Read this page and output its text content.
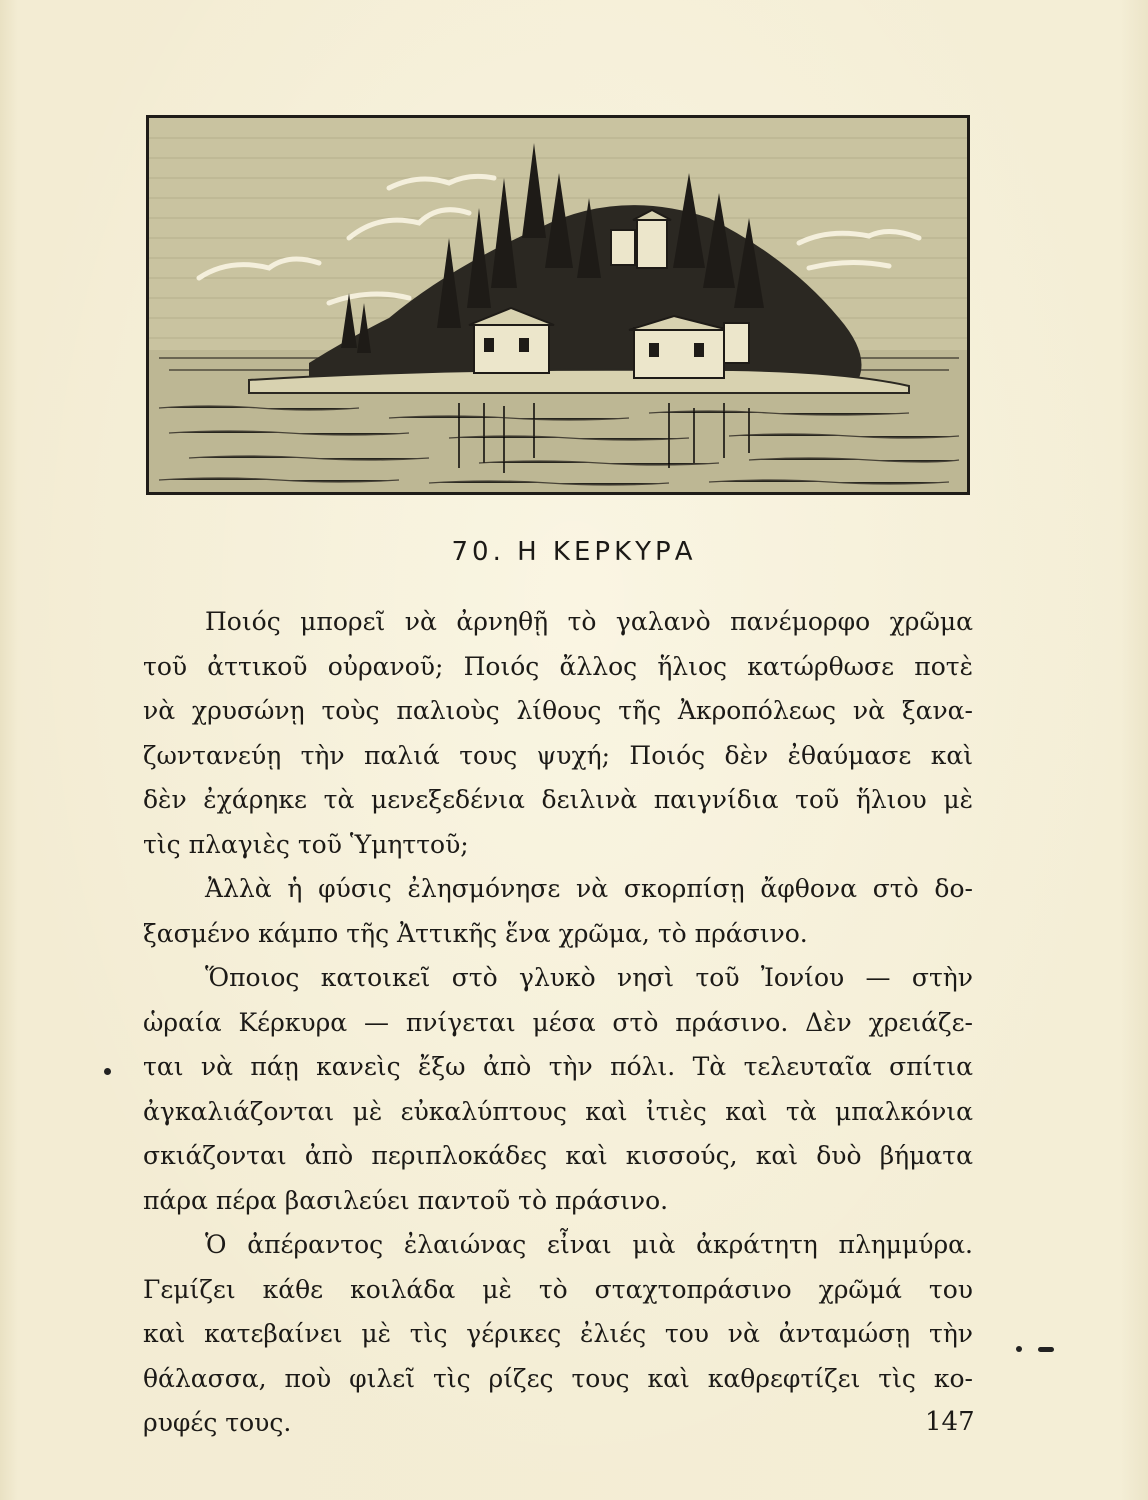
70. Η ΚΕΡΚΥΡΑ

Ποιός μπορεῖ νὰ ἀρνηθῇ τὸ γαλανὸ πανέμορφο χρῶμα
τοῦ ἀττικοῦ οὐρανοῦ; Ποιός ἄλλος ἥλιος κατώρθωσε ποτὲ
νὰ χρυσώνῃ τοὺς παλιοὺς λίθους τῆς Ἀκροπόλεως νὰ ξανα-
ζωντανεύῃ τὴν παλιά τους ψυχή; Ποιός δὲν ἐθαύμασε καὶ
δὲν ἐχάρηκε τὰ μενεξεδένια δειλινὰ παιγνίδια τοῦ ἥλιου μὲ
τὶς πλαγιὲς τοῦ Ὑμηττοῦ;

Ἀλλὰ ἡ φύσις ἐλησμόνησε νὰ σκορπίσῃ ἄφθονα στὸ δο-
ξασμένο κάμπο τῆς Ἀττικῆς ἕνα χρῶμα, τὸ πράσινο.

Ὅποιος κατοικεῖ στὸ γλυκὸ νησὶ τοῦ Ἰονίου — στὴν
ὡραία Κέρκυρα — πνίγεται μέσα στὸ πράσινο. Δὲν χρειάζε-
ται νὰ πάῃ κανεὶς ἔξω ἀπὸ τὴν πόλι. Τὰ τελευταῖα σπίτια
ἀγκαλιάζονται μὲ εὐκαλύπτους καὶ ἰτιὲς καὶ τὰ μπαλκόνια
σκιάζονται ἀπὸ περιπλοκάδες καὶ κισσούς, καὶ δυὸ βήματα
πάρα πέρα βασιλεύει παντοῦ τὸ πράσινο.

Ὁ ἀπέραντος ἐλαιώνας εἶναι μιὰ ἀκράτητη πλημμύρα.
Γεμίζει κάθε κοιλάδα μὲ τὸ σταχτοπράσινο χρῶμά του
καὶ κατεβαίνει μὲ τὶς γέρικες ἐλιές του νὰ ἀνταμώσῃ τὴν
θάλασσα, ποὺ φιλεῖ τὶς ρίζες τους καὶ καθρεφτίζει τὶς κο-
ρυφές τους.	147
